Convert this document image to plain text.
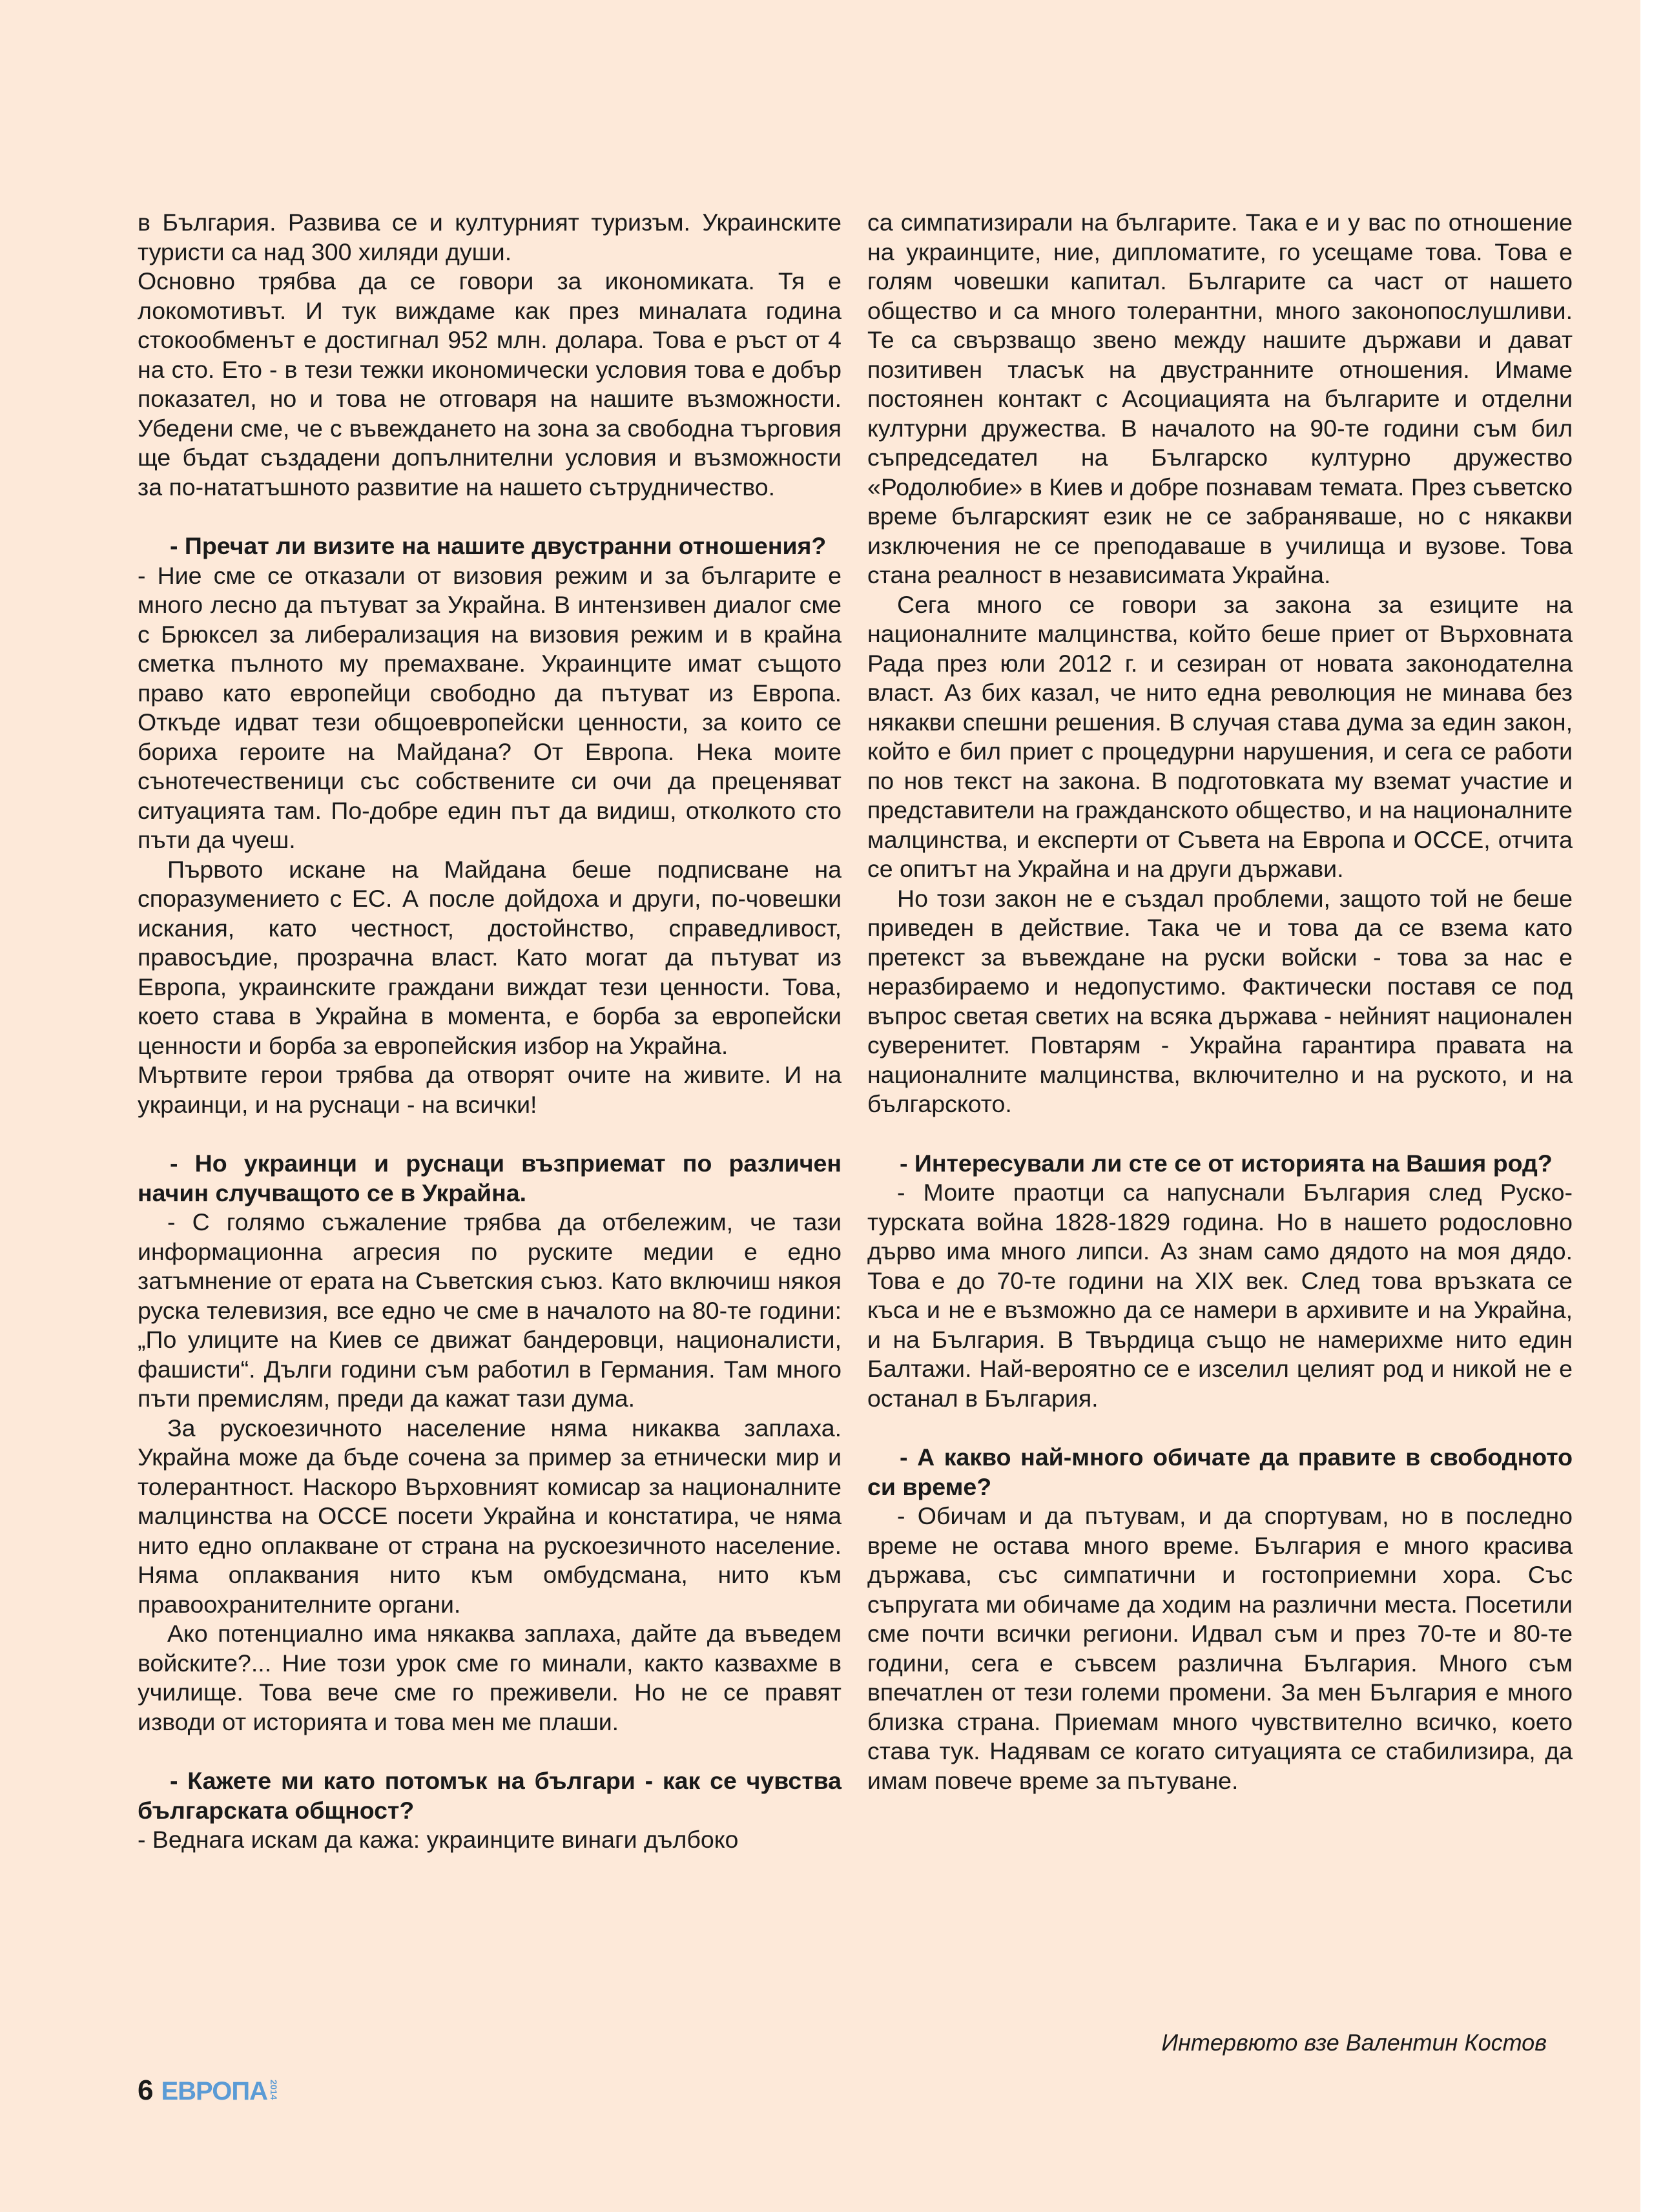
в България. Развива се и културният туризъм. Украинските туристи са над 300 хиляди души.

Основно трябва да се говори за икономиката. Тя е локомотивът. И тук виждаме как през миналата година стокообменът е достигнал 952 млн. долара. Това е ръст от 4 на сто. Ето - в тези тежки икономически условия това е добър показател, но и това не отговаря на нашите възможности. Убедени сме, че с въвеждането на зона за свободна търговия ще бъдат създадени допълнителни условия и възможности за по-нататъшното развитие на нашето сътрудничество.

- Пречат ли визите на нашите двустранни отношения?

- Ние сме се отказали от визовия режим и за българите е много лесно да пътуват за Украйна. В интензивен диалог сме с Брюксел за либерализация на визовия режим и в крайна сметка пълното му премахване. Украинците имат същото право като европейци свободно да пътуват из Европа. Откъде идват тези общоевропейски ценности, за които се бориха героите на Майдана? От Европа. Нека моите сънотечественици със собствените си очи да преценяват ситуацията там. По-добре един път да видиш, отколкото сто пъти да чуеш.

Първото искане на Майдана беше подписване на споразумението с ЕС. А после дойдоха и други, по-човешки искания, като честност, достойнство, справедливост, правосъдие, прозрачна власт. Като могат да пътуват из Европа, украинските граждани виждат тези ценности. Това, което става в Украйна в момента, е борба за европейски ценности и борба за европейския избор на Украйна.

Мъртвите герои трябва да отворят очите на живите. И на украинци, и на руснаци - на всички!

- Но украинци и руснаци възприемат по различен начин случващото се в Украйна.

- С голямо съжаление трябва да отбележим, че тази информационна агресия по руските медии е едно затъмнение от ерата на Съветския съюз. Като включиш някоя руска телевизия, все едно че сме в началото на 80-те години: „По улиците на Киев се движат бандеровци, националисти, фашисти“. Дълги години съм работил в Германия. Там много пъти премислям, преди да кажат тази дума.

За рускоезичното население няма никаква заплаха. Украйна може да бъде сочена за пример за етнически мир и толерантност. Наскоро Върховният комисар за националните малцинства на ОССЕ посети Украйна и констатира, че няма нито едно оплакване от страна на рускоезичното население. Няма оплаквания нито към омбудсмана, нито към правоохранителните органи.

Ако потенциално има някаква заплаха, дайте да въведем войските?... Ние този урок сме го минали, както казвахме в училище. Това вече сме го преживели. Но не се правят изводи от историята и това мен ме плаши.

- Кажете ми като потомък на българи - как се чувства българската общност?

- Веднага искам да кажа: украинците винаги дълбоко

са симпатизирали на българите. Така е и у вас по отношение на украинците, ние, дипломатите, го усещаме това. Това е голям човешки капитал. Българите са част от нашето общество и са много толерантни, много законопослушливи. Те са свързващо звено между нашите държави и дават позитивен тласък на двустранните отношения. Имаме постоянен контакт с Асоциацията на българите и отделни културни дружества. В началото на 90-те години съм бил съпредседател на Българско културно дружество «Родолюбие» в Киев и добре познавам темата. През съветско време българският език не се забраняваше, но с някакви изключения не се преподаваше в училища и вузове. Това стана реалност в независимата Украйна.

Сега много се говори за закона за езиците на националните малцинства, който беше приет от Върховната Рада през юли 2012 г. и сезиран от новата законодателна власт. Аз бих казал, че нито една революция не минава без някакви спешни решения. В случая става дума за един закон, който е бил приет с процедурни нарушения, и сега се работи по нов текст на закона. В подготовката му вземат участие и представители на гражданското общество, и на националните малцинства, и експерти от Съвета на Европа и ОССЕ, отчита се опитът на Украйна и на други държави.

Но този закон не е създал проблеми, защото той не беше приведен в действие. Така че и това да се взема като претекст за въвеждане на руски войски - това за нас е неразбираемо и недопустимо. Фактически поставя се под въпрос светая светих на всяка държава - нейният национален суверенитет. Повтарям - Украйна гарантира правата на националните малцинства, включително и на руското, и на българското.

- Интересували ли сте се от историята на Вашия род?

- Моите праотци са напуснали България след Руско-турската война 1828-1829 година. Но в нашето родословно дърво има много липси. Аз знам само дядото на моя дядо. Това е до 70-те години на XIX век. След това връзката се къса и не е възможно да се намери в архивите и на Украйна, и на България. В Твърдица също не намерихме нито един Балтажи. Най-вероятно се е изселил целият род и никой не е останал в България.

- А какво най-много обичате да правите в свободното си време?

- Обичам и да пътувам, и да спортувам, но в последно време не остава много време. България е много красива държава, със симпатични и гостоприемни хора. Със съпругата ми обичаме да ходим на различни места. Посетили сме почти всички региони. Идвал съм и през 70-те и 80-те години, сега е съвсем различна България. Много съм впечатлен от тези големи промени. За мен България е много близка страна. Приемам много чувствително всичко, което става тук. Надявам се когато ситуацията се стабилизира, да имам повече време за пътуване.

Интервюто взе Валентин Костов
6 ЕВРОПА 2014
